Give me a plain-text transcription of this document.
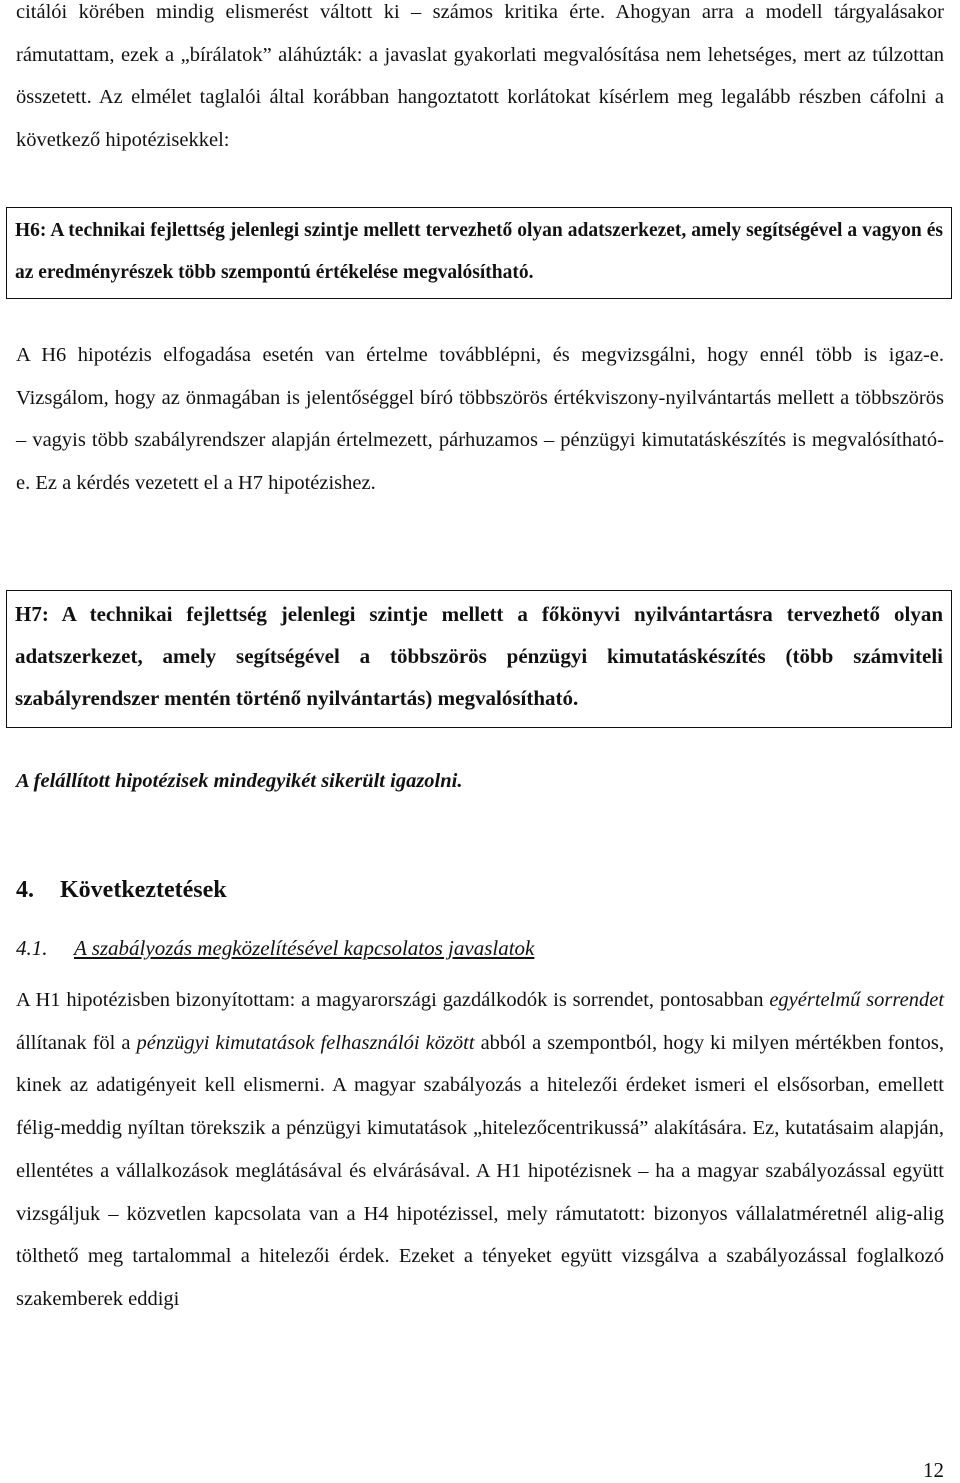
citálói körében mindig elismerést váltott ki – számos kritika érte. Ahogyan arra a modell tárgyalásakor rámutattam, ezek a „bírálatok” aláhúzták: a javaslat gyakorlati megvalósítása nem lehetséges, mert az túlzottan összetett. Az elmélet taglalói által korábban hangoztatott korlátokat kísérlem meg legalább részben cáfolni a következő hipotézisekkel:

H6: A technikai fejlettség jelenlegi szintje mellett tervezhető olyan adatszerkezet, amely segítségével a vagyon és az eredményrészek több szempontú értékelése megvalósítható.

A H6 hipotézis elfogadása esetén van értelme továbblépni, és megvizsgálni, hogy ennél több is igaz-e. Vizsgálom, hogy az önmagában is jelentőséggel bíró többszörös értékviszony-nyilvántartás mellett a többszörös – vagyis több szabályrendszer alapján értelmezett, párhuzamos – pénzügyi kimutatáskészítés is megvalósítható-e. Ez a kérdés vezetett el a H7 hipotézishez.

H7: A technikai fejlettség jelenlegi szintje mellett a főkönyvi nyilvántartásra tervezhető olyan adatszerkezet, amely segítségével a többszörös pénzügyi kimutatáskészítés (több számviteli szabályrendszer mentén történő nyilvántartás) megvalósítható.

A felállított hipotézisek mindegyikét sikerült igazolni.

4. Következtetések

4.1. A szabályozás megközelítésével kapcsolatos javaslatok

A H1 hipotézisben bizonyítottam: a magyarországi gazdálkodók is sorrendet, pontosabban egyértelmű sorrendet állítanak föl a pénzügyi kimutatások felhasználói között abból a szempontból, hogy ki milyen mértékben fontos, kinek az adatigényeit kell elismerni. A magyar szabályozás a hitelezői érdeket ismeri el elsősorban, emellett félig-meddig nyíltan törekszik a pénzügyi kimutatások „hitelezőcentrikussá” alakítására. Ez, kutatásaim alapján, ellentétes a vállalkozások meglátásával és elvárásával. A H1 hipotézisnek – ha a magyar szabályozással együtt vizsgáljuk – közvetlen kapcsolata van a H4 hipotézissel, mely rámutatott: bizonyos vállalatméretnél alig-alig tölthető meg tartalommal a hitelezői érdek. Ezeket a tényeket együtt vizsgálva a szabályozással foglalkozó szakemberek eddigi

12
